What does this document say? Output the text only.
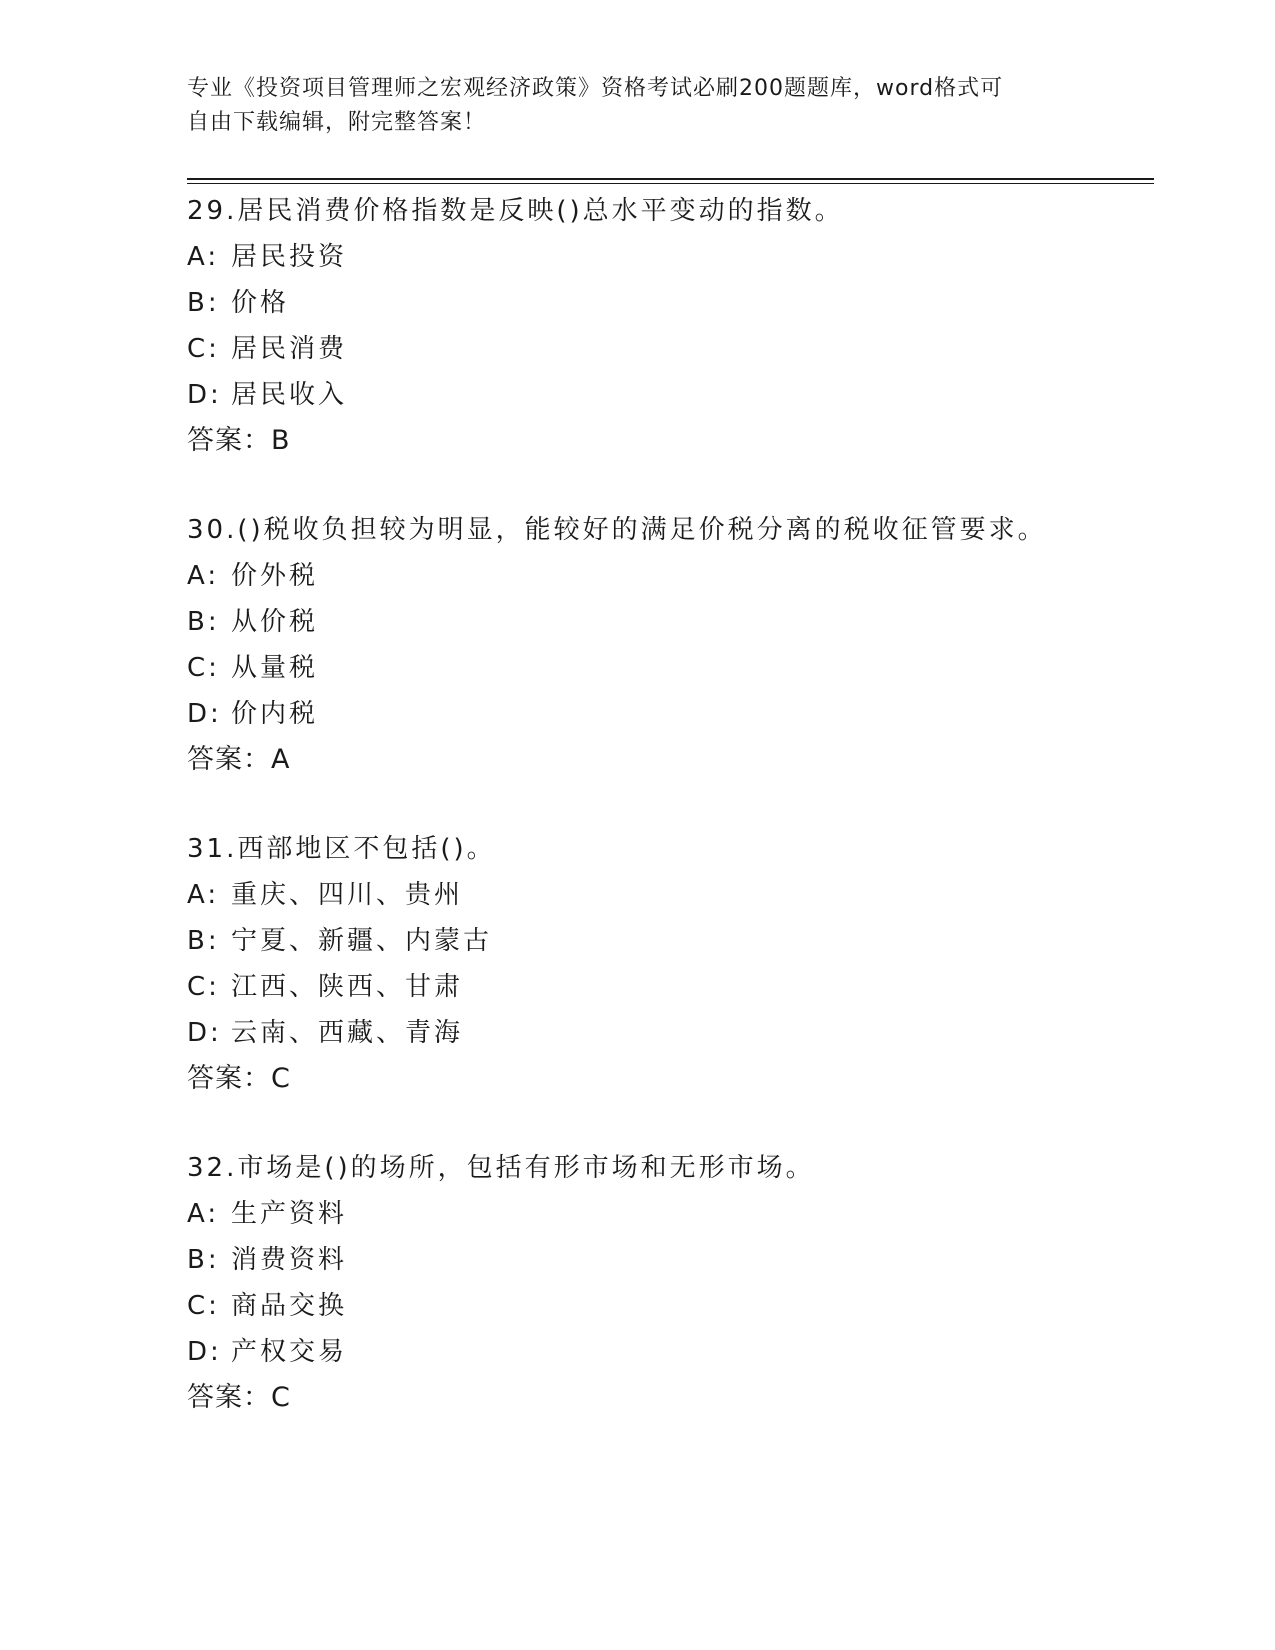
专业《投资项目管理师之宏观经济政策》资格考试必刷200题题库，word格式可
自由下载编辑，附完整答案！
29.居民消费价格指数是反映()总水平变动的指数。
A: 居民投资
B: 价格
C: 居民消费
D: 居民收入
答案：B
30.()税收负担较为明显，能较好的满足价税分离的税收征管要求。
A: 价外税
B: 从价税
C: 从量税
D: 价内税
答案：A
31.西部地区不包括()。
A: 重庆、四川、贵州
B: 宁夏、新疆、内蒙古
C: 江西、陕西、甘肃
D: 云南、西藏、青海
答案：C
32.市场是()的场所，包括有形市场和无形市场。
A: 生产资料
B: 消费资料
C: 商品交换
D: 产权交易
答案：C
